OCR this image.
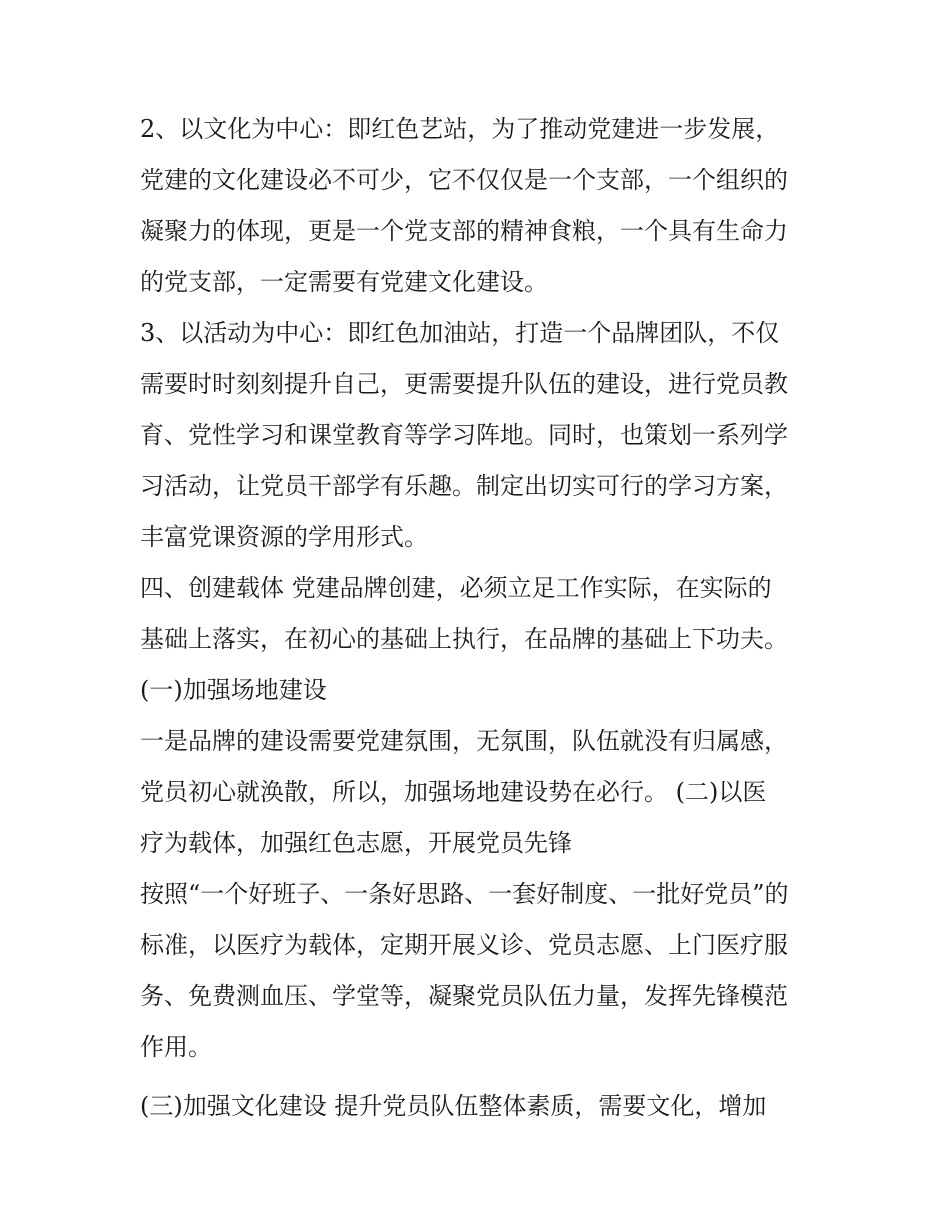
2、以文化为中心：即红色艺站，为了推动党建进一步发展，
党建的文化建设必不可少，它不仅仅是一个支部，一个组织的
凝聚力的体现，更是一个党支部的精神食粮，一个具有生命力
的党支部，一定需要有党建文化建设。
3、以活动为中心：即红色加油站，打造一个品牌团队，不仅
需要时时刻刻提升自己，更需要提升队伍的建设，进行党员教
育、党性学习和课堂教育等学习阵地。同时，也策划一系列学
习活动，让党员干部学有乐趣。制定出切实可行的学习方案，
丰富党课资源的学用形式。
四、创建载体 党建品牌创建，必须立足工作实际，在实际的
基础上落实，在初心的基础上执行，在品牌的基础上下功夫。
(一)加强场地建设
一是品牌的建设需要党建氛围，无氛围，队伍就没有归属感，
党员初心就涣散，所以，加强场地建设势在必行。 (二)以医
疗为载体，加强红色志愿，开展党员先锋
按照“一个好班子、一条好思路、一套好制度、一批好党员”的
标准，以医疗为载体，定期开展义诊、党员志愿、上门医疗服
务、免费测血压、学堂等，凝聚党员队伍力量，发挥先锋模范
作用。
(三)加强文化建设 提升党员队伍整体素质，需要文化，增加
